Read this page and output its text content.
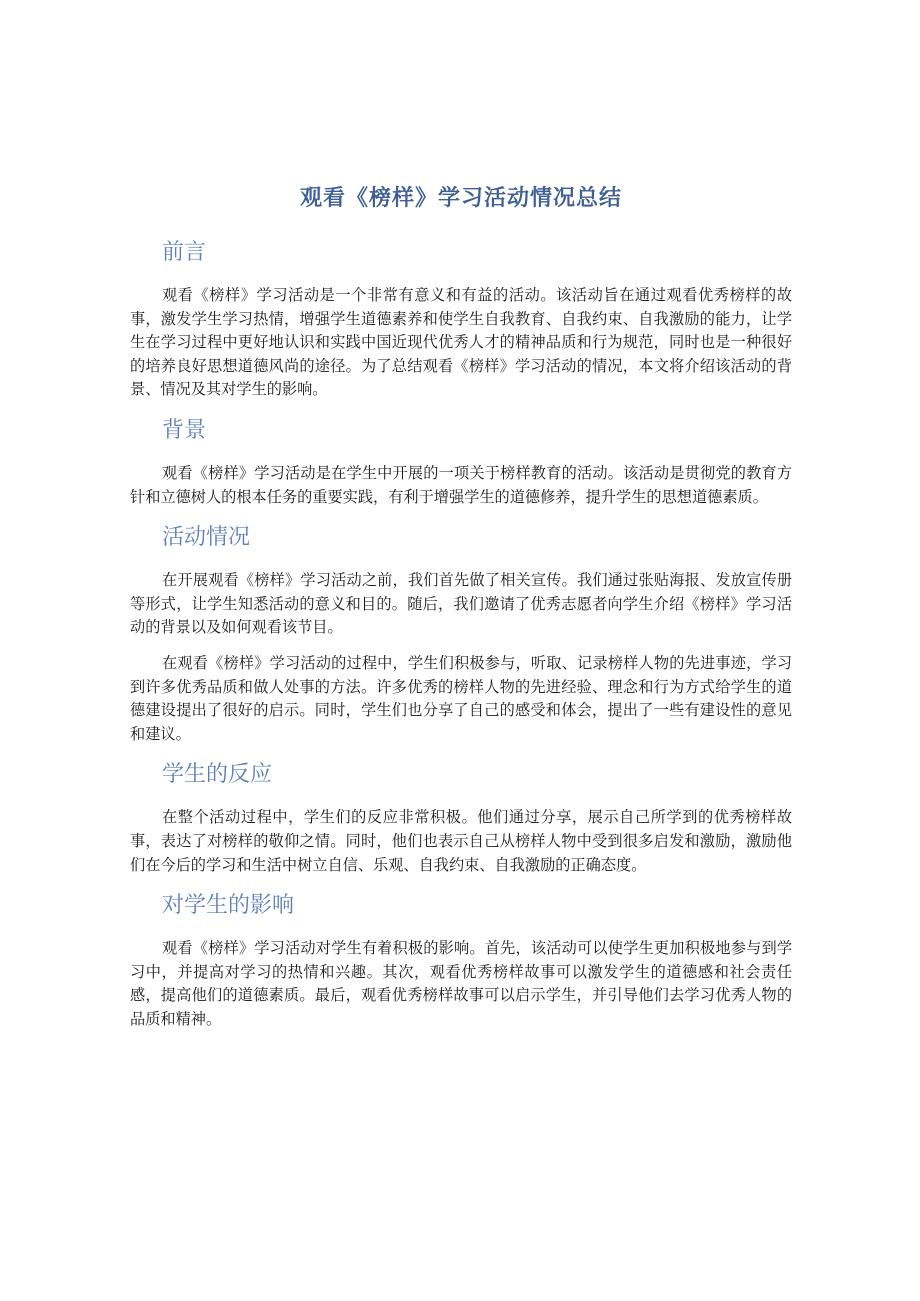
观看《榜样》学习活动情况总结
前言

观看《榜样》学习活动是一个非常有意义和有益的活动。该活动旨在通过观看优秀榜样的故事，激发学生学习热情，增强学生道德素养和使学生自我教育、自我约束、自我激励的能力，让学生在学习过程中更好地认识和实践中国近现代优秀人才的精神品质和行为规范，同时也是一种很好的培养良好思想道德风尚的途径。为了总结观看《榜样》学习活动的情况，本文将介绍该活动的背景、情况及其对学生的影响。

背景

观看《榜样》学习活动是在学生中开展的一项关于榜样教育的活动。该活动是贯彻党的教育方针和立德树人的根本任务的重要实践，有利于增强学生的道德修养，提升学生的思想道德素质。

活动情况

在开展观看《榜样》学习活动之前，我们首先做了相关宣传。我们通过张贴海报、发放宣传册等形式，让学生知悉活动的意义和目的。随后，我们邀请了优秀志愿者向学生介绍《榜样》学习活动的背景以及如何观看该节目。

在观看《榜样》学习活动的过程中，学生们积极参与，听取、记录榜样人物的先进事迹，学习到许多优秀品质和做人处事的方法。许多优秀的榜样人物的先进经验、理念和行为方式给学生的道德建设提出了很好的启示。同时，学生们也分享了自己的感受和体会，提出了一些有建设性的意见和建议。

学生的反应

在整个活动过程中，学生们的反应非常积极。他们通过分享，展示自己所学到的优秀榜样故事，表达了对榜样的敬仰之情。同时，他们也表示自己从榜样人物中受到很多启发和激励，激励他们在今后的学习和生活中树立自信、乐观、自我约束、自我激励的正确态度。

对学生的影响

观看《榜样》学习活动对学生有着积极的影响。首先，该活动可以使学生更加积极地参与到学习中，并提高对学习的热情和兴趣。其次，观看优秀榜样故事可以激发学生的道德感和社会责任感，提高他们的道德素质。最后，观看优秀榜样故事可以启示学生，并引导他们去学习优秀人物的品质和精神。
